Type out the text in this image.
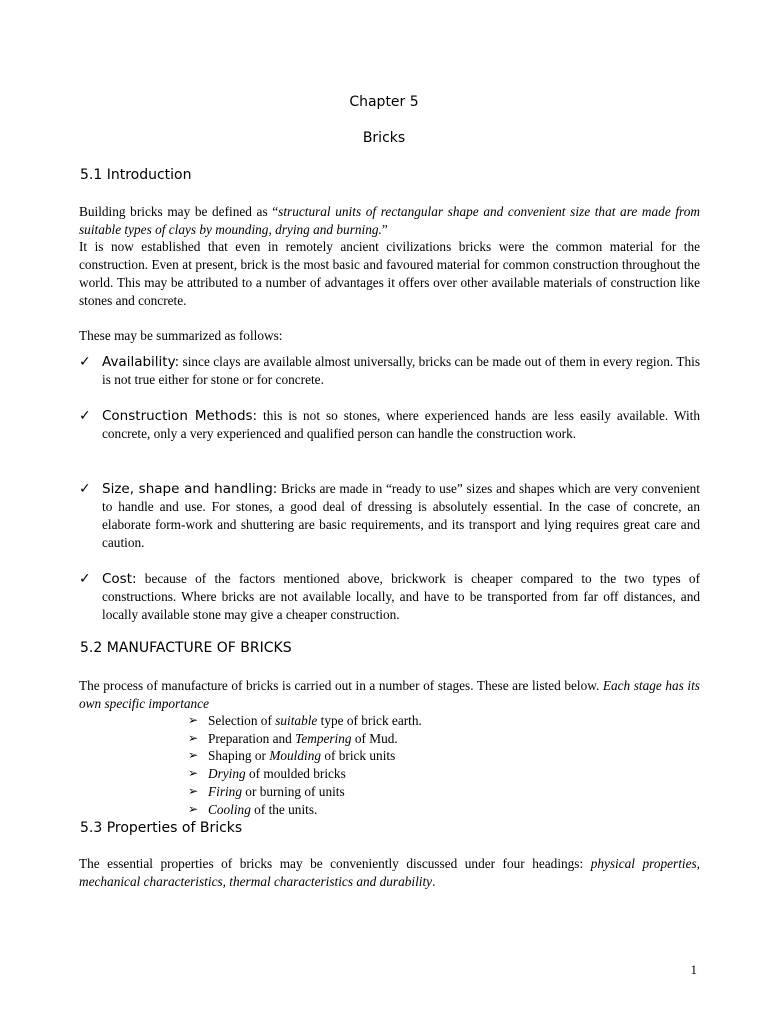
Chapter 5
Bricks
5.1 Introduction
Building bricks may be defined as “structural units of rectangular shape and convenient size that are made from suitable types of clays by mounding, drying and burning.”
It is now established that even in remotely ancient civilizations bricks were the common material for the construction. Even at present, brick is the most basic and favoured material for common construction throughout the world. This may be attributed to a number of advantages it offers over other available materials of construction like stones and concrete.
These may be summarized as follows:
✓ Availability: since clays are available almost universally, bricks can be made out of them in every region. This is not true either for stone or for concrete.
✓ Construction Methods: this is not so stones, where experienced hands are less easily available. With concrete, only a very experienced and qualified person can handle the construction work.
✓ Size, shape and handling: Bricks are made in “ready to use” sizes and shapes which are very convenient to handle and use. For stones, a good deal of dressing is absolutely essential. In the case of concrete, an elaborate form-work and shuttering are basic requirements, and its transport and lying requires great care and caution.
✓ Cost: because of the factors mentioned above, brickwork is cheaper compared to the two types of constructions. Where bricks are not available locally, and have to be transported from far off distances, and locally available stone may give a cheaper construction.
5.2 MANUFACTURE OF BRICKS
The process of manufacture of bricks is carried out in a number of stages. These are listed below. Each stage has its own specific importance
➢ Selection of suitable type of brick earth.
➢ Preparation and Tempering of Mud.
➢ Shaping or Moulding of brick units
➢ Drying of moulded bricks
➢ Firing or burning of units
➢ Cooling of the units.
5.3 Properties of Bricks
The essential properties of bricks may be conveniently discussed under four headings: physical properties, mechanical characteristics, thermal characteristics and durability.
1
